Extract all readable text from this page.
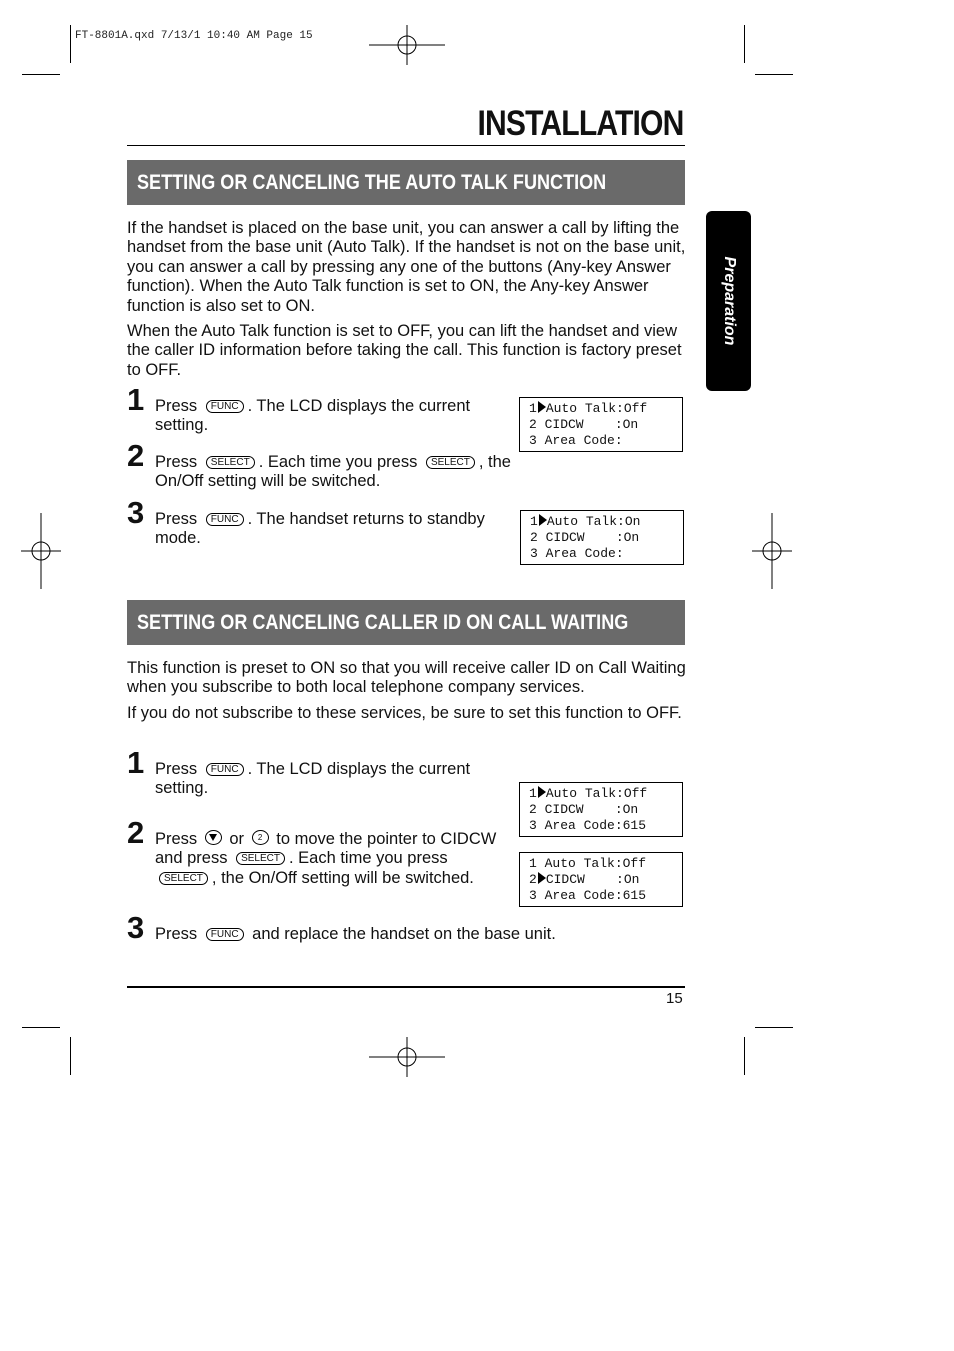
FT-8801A.qxd 7/13/1 10:40 AM Page 15
INSTALLATION
Preparation
SETTING OR CANCELING THE AUTO TALK FUNCTION

If the handset is placed on the base unit, you can answer a call by lifting the handset from the base unit (Auto Talk). If the handset is not on the base unit, you can answer a call by pressing any one of the buttons (Any-key Answer function). When the Auto Talk function is set to ON, the Any-key Answer function is also set to ON.

When the Auto Talk function is set to OFF, you can lift the handset and view the caller ID information before taking the call. This function is factory preset to OFF.

1 Press FUNC . The LCD displays the current setting.

2 Press SELECT . Each time you press SELECT , the On/Off setting will be switched.

3 Press FUNC . The handset returns to standby mode.

1 Auto Talk:Off
2 CIDCW    :On
3 Area Code:
1 Auto Talk:On
2 CIDCW    :On
3 Area Code:
SETTING OR CANCELING CALLER ID ON CALL WAITING

This function is preset to ON so that you will receive caller ID on Call Waiting when you subscribe to both local telephone company services.

If you do not subscribe to these services, be sure to set this function to OFF.

1 Press FUNC . The LCD displays the current setting.

2 Press or	2 to move the pointer to CIDCW and press SELECT . Each time you press SELECT , the On/Off setting will be switched.

3 Press FUNC and replace the handset on the base unit.

1 Auto Talk:Off
2 CIDCW    :On
3 Area Code:615
1 Auto Talk:Off
2 CIDCW    :On
3 Area Code:615
15
